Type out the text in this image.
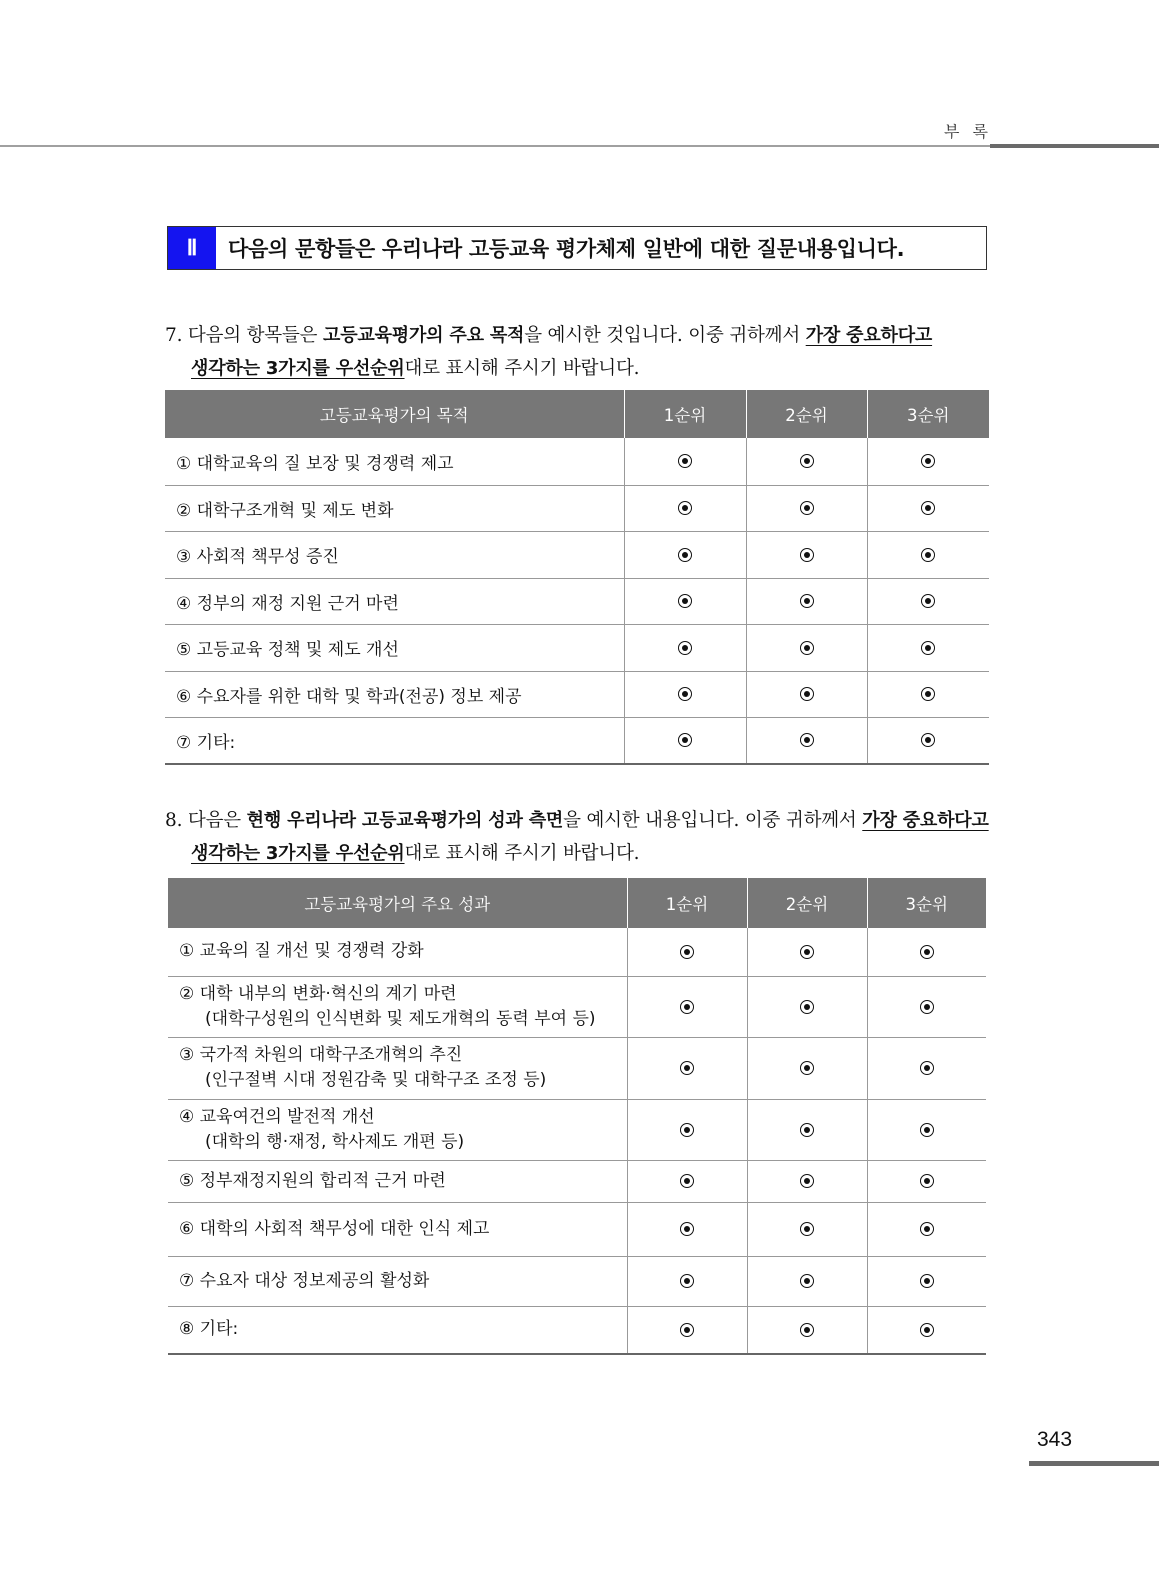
부 록
Ⅱ	다음의 문항들은 우리나라 고등교육 평가체제 일반에 대한 질문내용입니다.
7. 다음의 항목들은 고등교육평가의 주요 목적을 예시한 것입니다. 이중 귀하께서 가장 중요하다고
생각하는 3가지를 우선순위대로 표시해 주시기 바랍니다.
고등교육평가의 목적	1순위	2순위	3순위
① 대학교육의 질 보장 및 경쟁력 제고			
② 대학구조개혁 및 제도 변화			
③ 사회적 책무성 증진			
④ 정부의 재정 지원 근거 마련			
⑤ 고등교육 정책 및 제도 개선			
⑥ 수요자를 위한 대학 및 학과(전공) 정보 제공			
⑦ 기타:			
8. 다음은 현행 우리나라 고등교육평가의 성과 측면을 예시한 내용입니다. 이중 귀하께서 가장 중요하다고
생각하는 3가지를 우선순위대로 표시해 주시기 바랍니다.
고등교육평가의 주요 성과	1순위	2순위	3순위
① 교육의 질 개선 및 경쟁력 강화			
② 대학 내부의 변화·혁신의 계기 마련
(대학구성원의 인식변화 및 제도개혁의 동력 부여 등)			

③ 국가적 차원의 대학구조개혁의 추진
(인구절벽 시대 정원감축 및 대학구조 조정 등)			

④ 교육여건의 발전적 개선
(대학의 행·재정, 학사제도 개편 등)			

⑤ 정부재정지원의 합리적 근거 마련			
⑥ 대학의 사회적 책무성에 대한 인식 제고			
⑦ 수요자 대상 정보제공의 활성화			
⑧ 기타:			
343
